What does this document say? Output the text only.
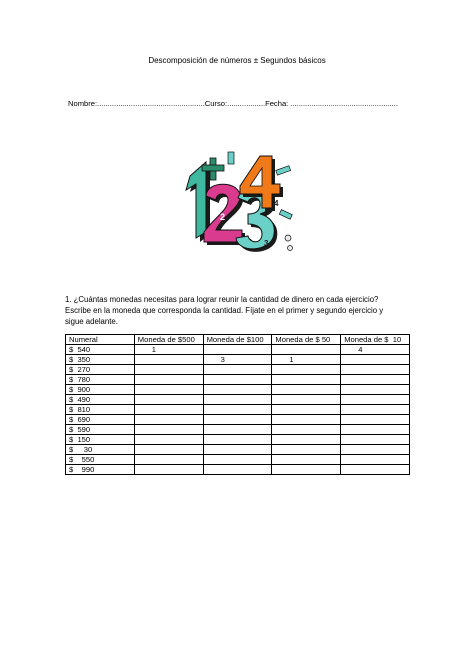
Descomposición de números ± Segundos básicos
Nombre:...................................................Curso:..................Fecha: ...................................................
1	2
3
4
1. ¿Cuántas monedas necesitas para lograr reunir la cantidad de dinero en cada ejercicio?
Escribe en la moneda que corresponda la cantidad. Fíjate en el primer y segundo ejercicio y
sigue adelante.
Numeral	Moneda de $500	Moneda de $100	Moneda de $ 50	Moneda de $  10
$  540	1			4
$  350		3	1	
$  270				
$  780				
$  900				
$  490				
$  810				
$  690				
$  590				
$  150				
$     30				
$    550				
$    990				
